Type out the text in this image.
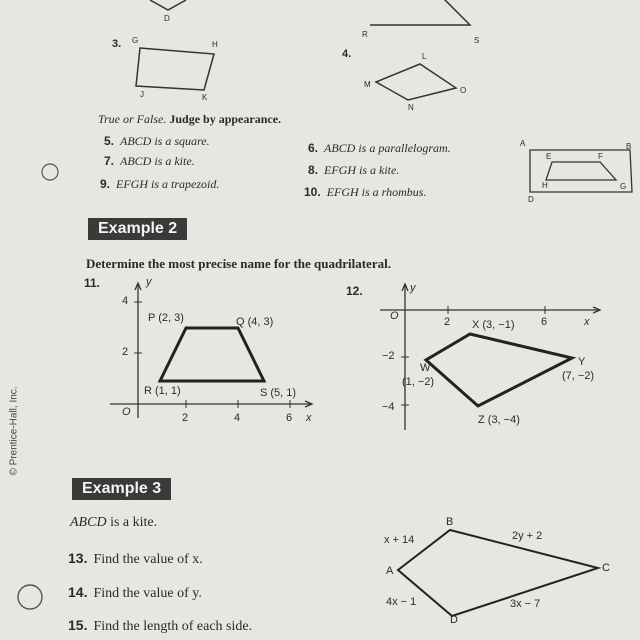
D
3. G	H
J	K
R
S
4.	L
M
N
O
True or False. Judge by appearance.
5. ABCD is a square.	6. ABCD is a parallelogram.
7. ABCD is a kite.
8. EFGH is a kite.
9. EFGH is a trapezoid.
10. EFGH is a rhombus.
A	B
D
E	F
G
H
Example 2
Determine the most precise name for the quadrilateral.
11.	y
x
O
4
2
2	4	6
P (2, 3)	Q (4, 3)
R (1, 1)	S (5, 1)
12.	y
x
O
−2
−4
2	6
X (3, −1)
W
(1, −2)
Y
(7, −2)
Z (3, −4)
Example 3
ABCD is a kite.
13. Find the value of x.
14. Find the value of y.
15. Find the length of each side.
A
B
C
D
x + 14	2y + 2
4x − 1	3x − 7
© Prentice-Hall, Inc.
